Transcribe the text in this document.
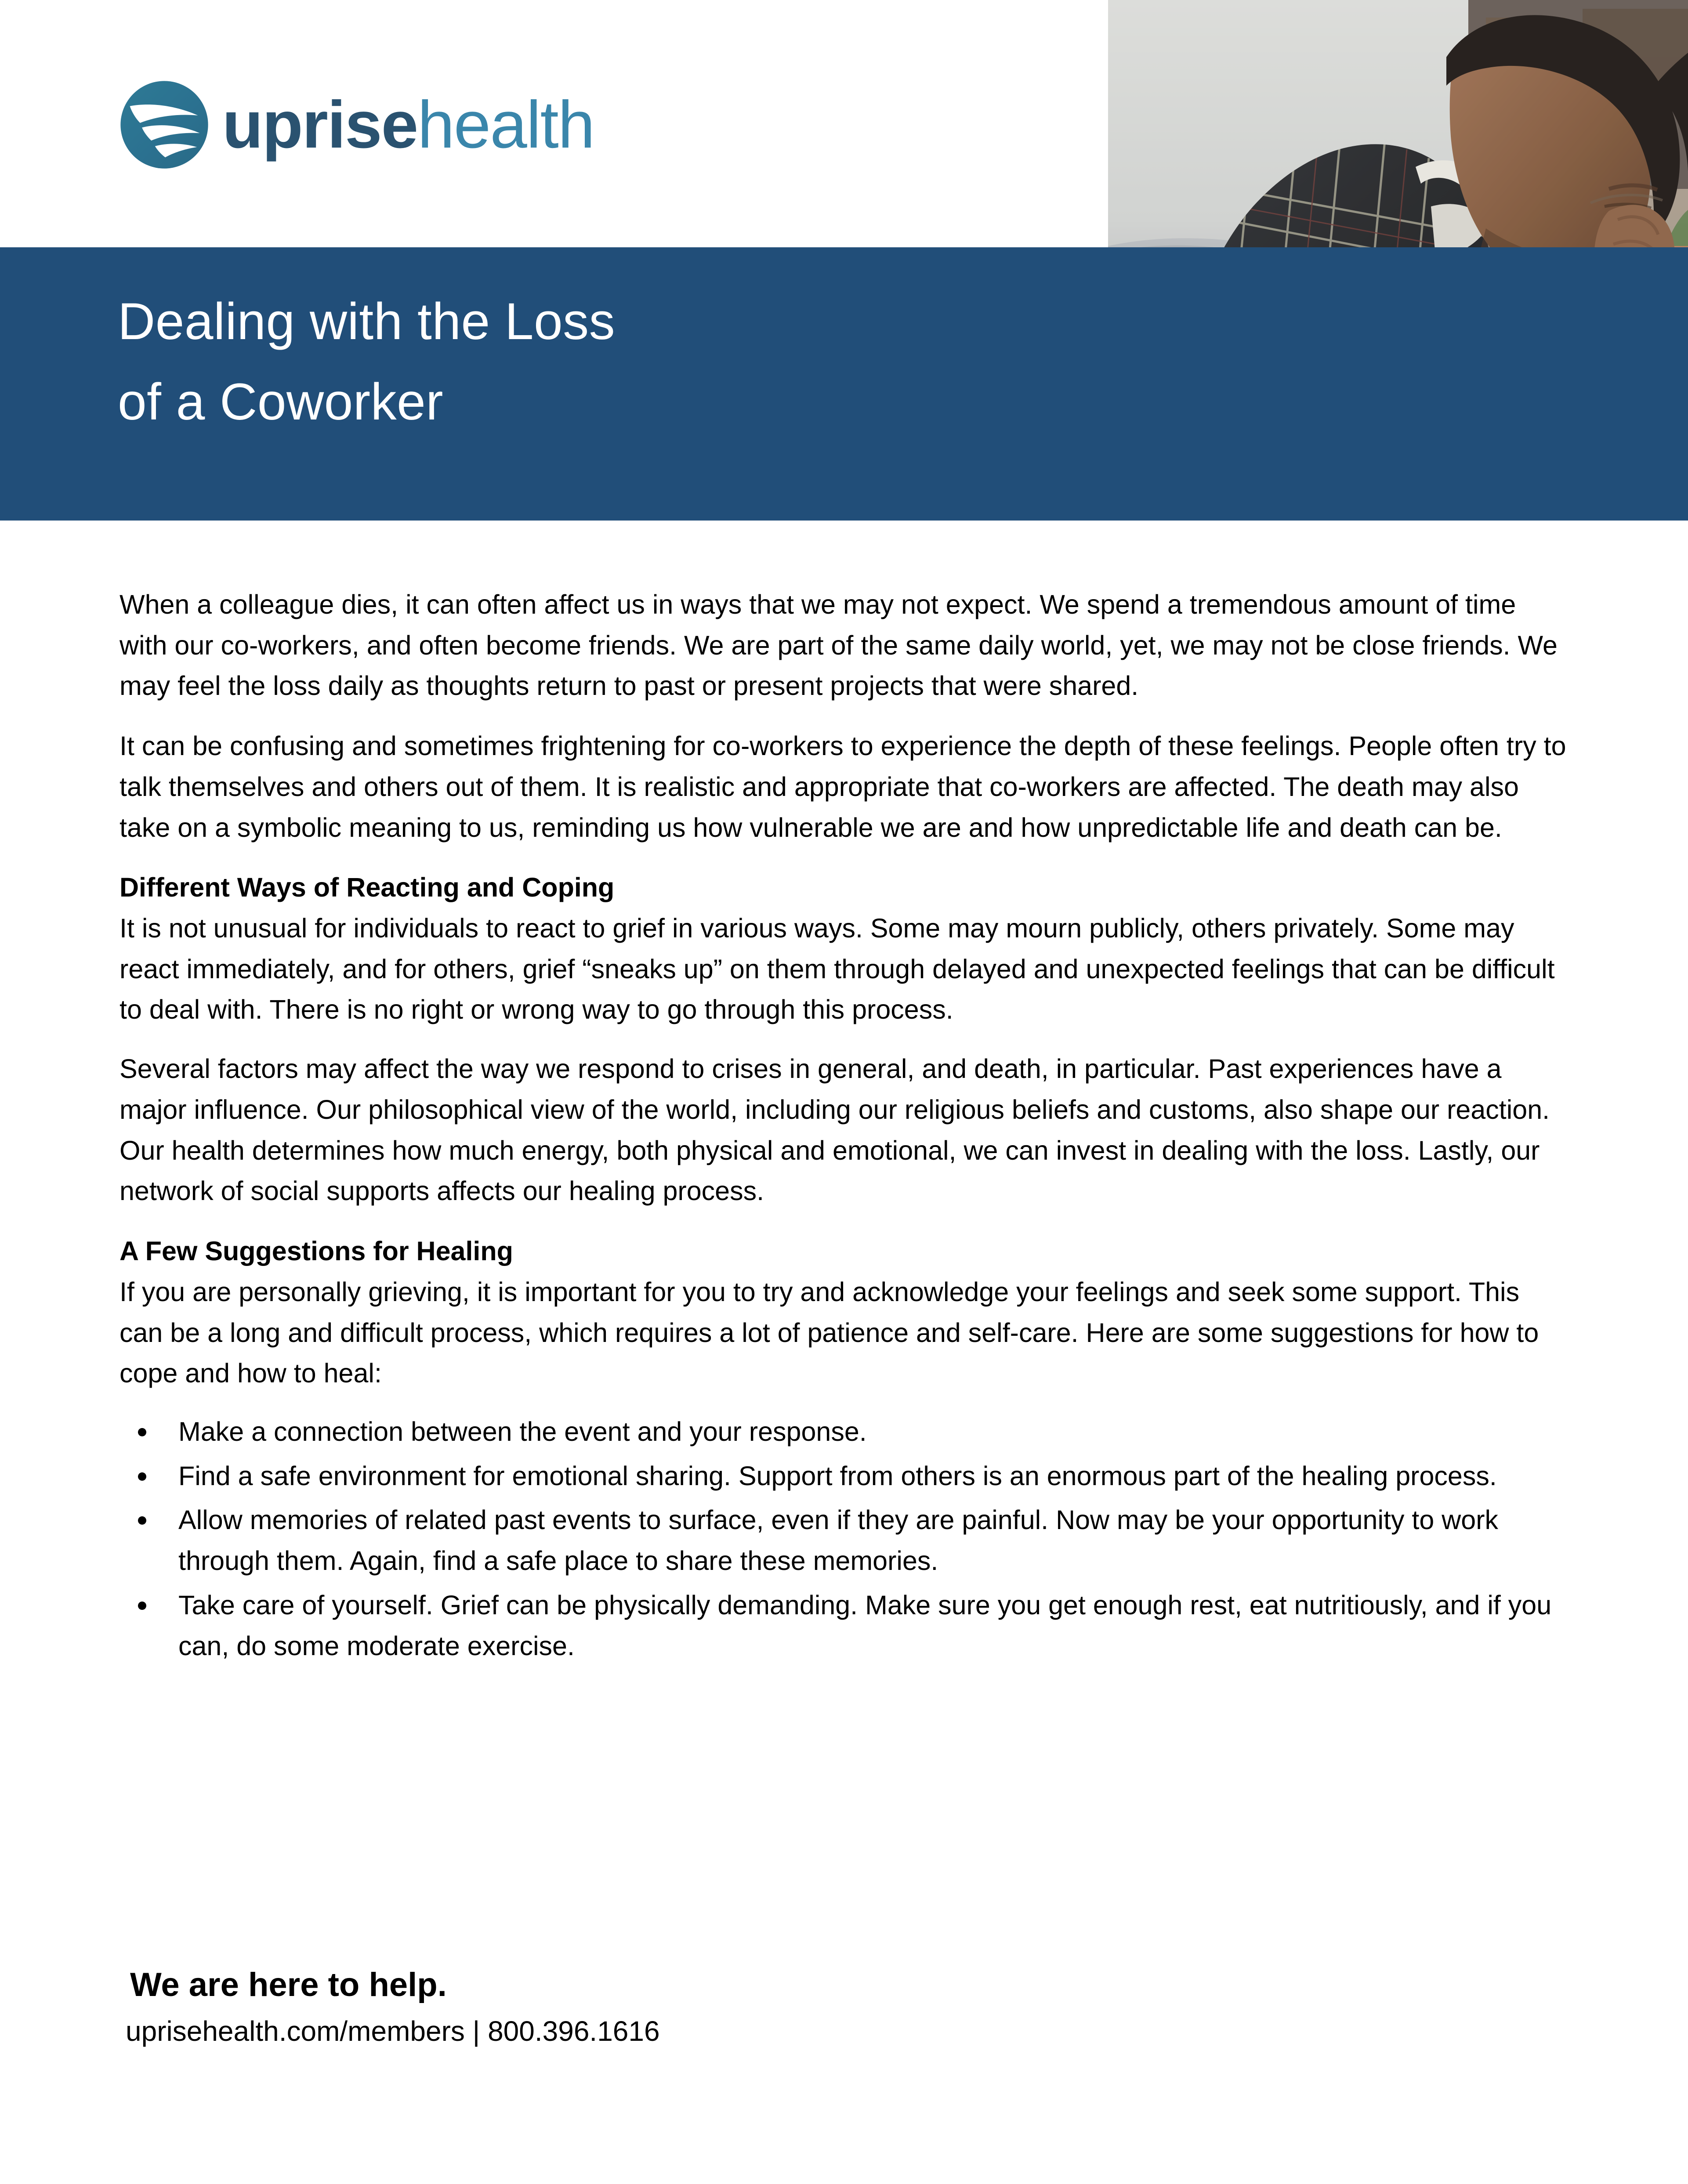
uprise health
Dealing with the Loss
of a Coworker

When a colleague dies, it can often affect us in ways that we may not expect. We spend a tremendous amount of time with our co-workers, and often become friends. We are part of the same daily world, yet, we may not be close friends. We may feel the loss daily as thoughts return to past or present projects that were shared.

It can be confusing and sometimes frightening for co-workers to experience the depth of these feelings. People often try to talk themselves and others out of them. It is realistic and appropriate that co-workers are affected. The death may also take on a symbolic meaning to us, reminding us how vulnerable we are and how unpredictable life and death can be.

Different Ways of Reacting and Coping

It is not unusual for individuals to react to grief in various ways. Some may mourn publicly, others privately. Some may react immediately, and for others, grief “sneaks up” on them through delayed and unexpected feelings that can be difficult to deal with. There is no right or wrong way to go through this process.

Several factors may affect the way we respond to crises in general, and death, in particular. Past experiences have a major influence. Our philosophical view of the world, including our religious beliefs and customs, also shape our reaction. Our health determines how much energy, both physical and emotional, we can invest in dealing with the loss. Lastly, our network of social supports affects our healing process.

A Few Suggestions for Healing

If you are personally grieving, it is important for you to try and acknowledge your feelings and seek some support. This can be a long and difficult process, which requires a lot of patience and self-care. Here are some suggestions for how to cope and how to heal:

Make a connection between the event and your response.
Find a safe environment for emotional sharing. Support from others is an enormous part of the healing process.
Allow memories of related past events to surface, even if they are painful. Now may be your opportunity to work through them. Again, find a safe place to share these memories.
Take care of yourself. Grief can be physically demanding. Make sure you get enough rest, eat nutritiously, and if you can, do some moderate exercise.

We are here to help.

uprisehealth.com/members | 800.396.1616
